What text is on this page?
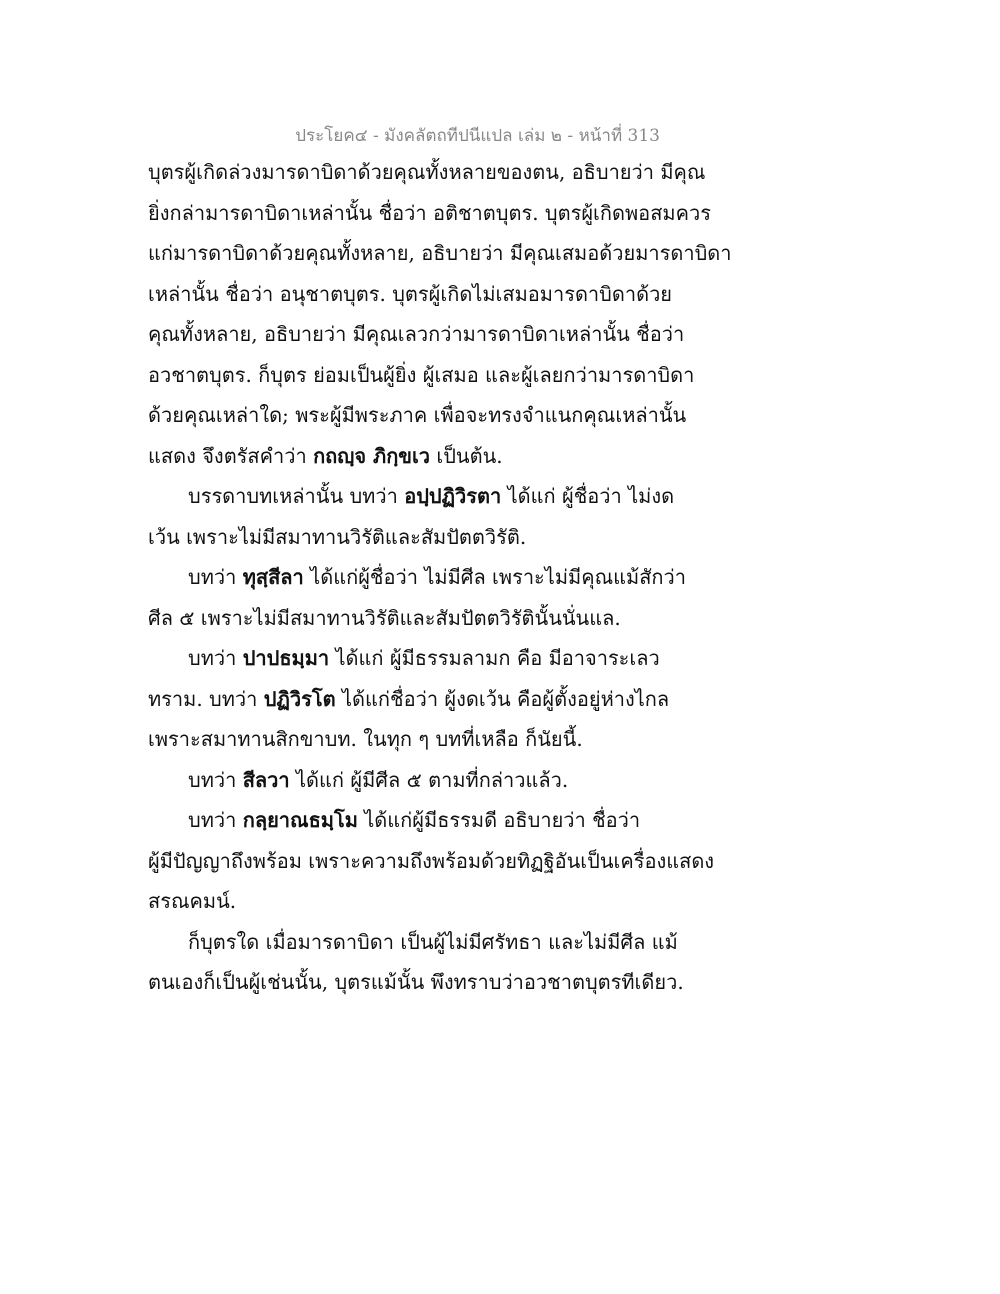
ประโยค๔ - มังคลัตถทีปนีแปล เล่ม ๒ - หน้าที่ 313
บุตรผู้เกิดล่วงมารดาบิดาด้วยคุณทั้งหลายของตน, อธิบายว่า มีคุณ
ยิ่งกล่ามารดาบิดาเหล่านั้น ชื่อว่า อติชาตบุตร. บุตรผู้เกิดพอสมควร
แก่มารดาบิดาด้วยคุณทั้งหลาย, อธิบายว่า มีคุณเสมอด้วยมารดาบิดา
เหล่านั้น ชื่อว่า อนุชาตบุตร. บุตรผู้เกิดไม่เสมอมารดาบิดาด้วย
คุณทั้งหลาย, อธิบายว่า มีคุณเลวกว่ามารดาบิดาเหล่านั้น ชื่อว่า
อวชาตบุตร. ก็บุตร ย่อมเป็นผู้ยิ่ง ผู้เสมอ และผู้เลยกว่ามารดาบิดา
ด้วยคุณเหล่าใด; พระผู้มีพระภาค เพื่อจะทรงจำแนกคุณเหล่านั้น
แสดง จึงตรัสคำว่า กถญฺจ ภิกฺขเว เป็นต้น.
บรรดาบทเหล่านั้น บทว่า อปฺปฏิวิรตา ได้แก่ ผู้ชื่อว่า ไม่งด
เว้น เพราะไม่มีสมาทานวิรัติและสัมปัตตวิรัติ.
บทว่า ทุสฺสีลา ได้แก่ผู้ชื่อว่า ไม่มีศีล เพราะไม่มีคุณแม้สักว่า
ศีล ๕ เพราะไม่มีสมาทานวิรัติและสัมปัตตวิรัตินั้นนั่นแล.
บทว่า ปาปธมฺมา ได้แก่ ผู้มีธรรมลามก คือ มีอาจาระเลว
ทราม. บทว่า ปฏิวิรโต ได้แก่ชื่อว่า ผู้งดเว้น คือผู้ตั้งอยู่ห่างไกล
เพราะสมาทานสิกขาบท. ในทุก ๆ บทที่เหลือ ก็นัยนี้.
บทว่า สีลวา ได้แก่ ผู้มีศีล ๕ ตามที่กล่าวแล้ว.
บทว่า กลฺยาณธมฺโม ได้แก่ผู้มีธรรมดี อธิบายว่า ชื่อว่า
ผู้มีปัญญาถึงพร้อม เพราะความถึงพร้อมด้วยทิฏฐิอันเป็นเครื่องแสดง
สรณคมน์.
ก็บุตรใด เมื่อมารดาบิดา เป็นผู้ไม่มีศรัทธา และไม่มีศีล แม้
ตนเองก็เป็นผู้เช่นนั้น, บุตรแม้นั้น พึงทราบว่าอวชาตบุตรทีเดียว.
